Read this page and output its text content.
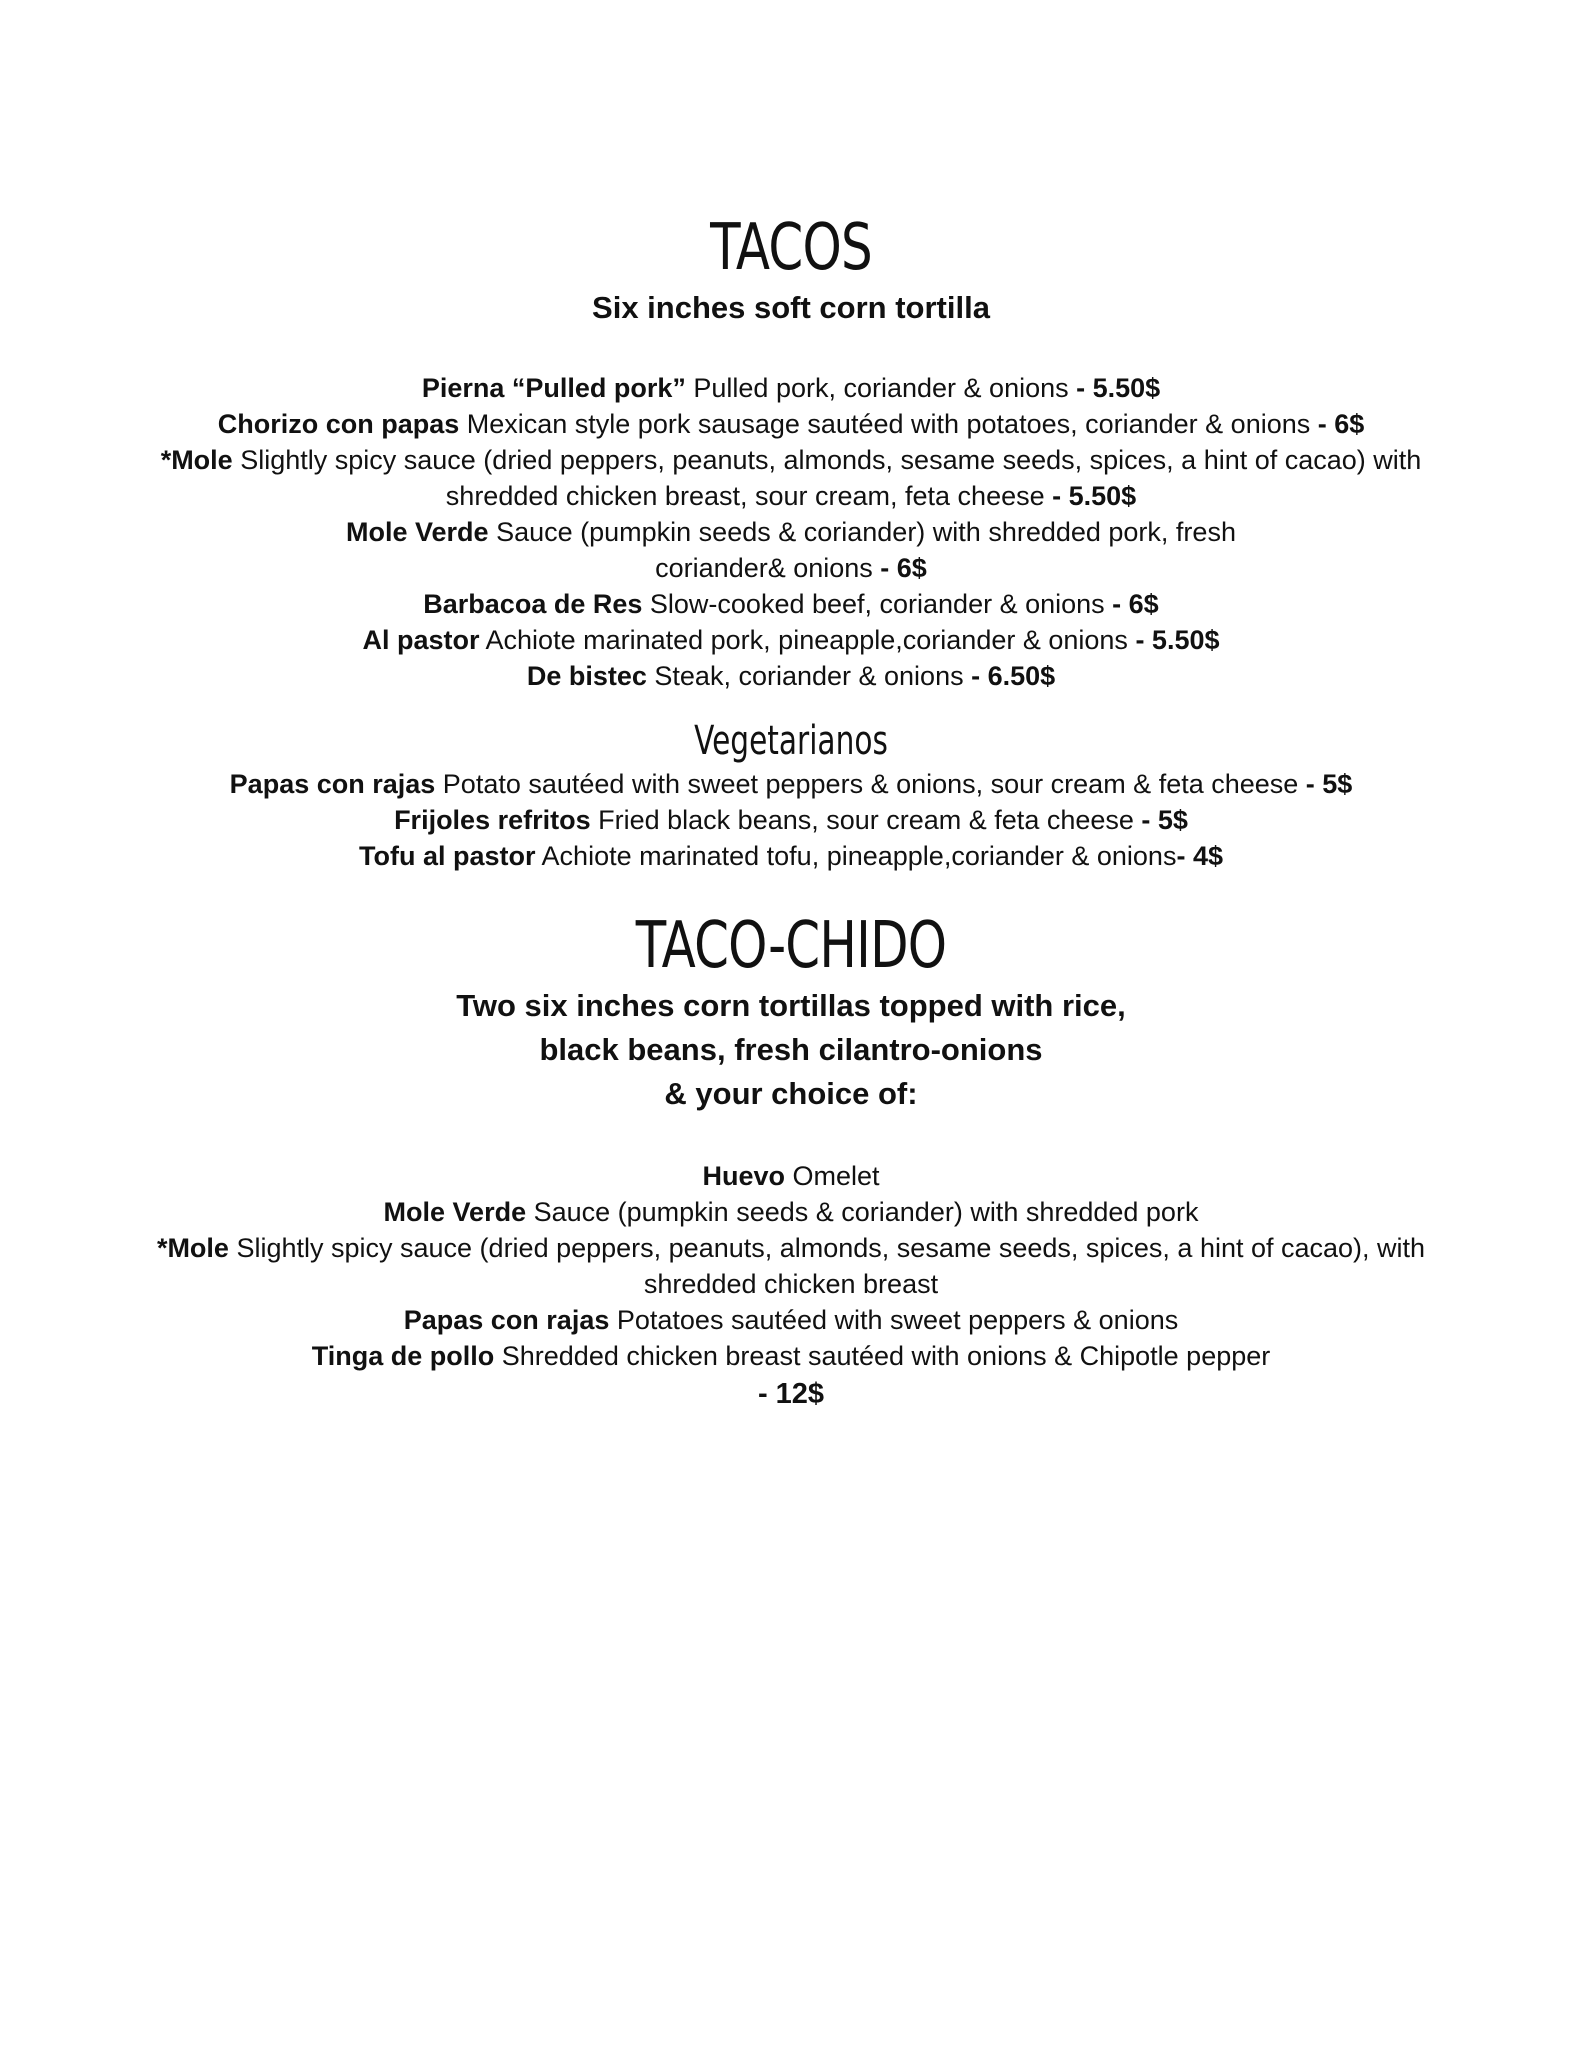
TACOS

Six inches soft corn tortilla

Pierna “Pulled pork” Pulled pork, coriander & onions - 5.50$
Chorizo con papas Mexican style pork sausage sautéed with potatoes, coriander & onions - 6$
*Mole Slightly spicy sauce (dried peppers, peanuts, almonds, sesame seeds, spices, a hint of cacao) with shredded chicken breast, sour cream, feta cheese - 5.50$
Mole Verde Sauce (pumpkin seeds & coriander) with shredded pork, fresh coriander& onions - 6$
Barbacoa de Res Slow-cooked beef, coriander & onions - 6$
Al pastor Achiote marinated pork, pineapple,coriander & onions - 5.50$
De bistec Steak, coriander & onions - 6.50$
Vegetarianos
Papas con rajas Potato sautéed with sweet peppers & onions, sour cream & feta cheese - 5$
Frijoles refritos Fried black beans, sour cream & feta cheese - 5$
Tofu al pastor Achiote marinated tofu, pineapple,coriander & onions- 4$
TACO-CHIDO

Two six inches corn tortillas topped with rice,

black beans, fresh cilantro-onions

& your choice of:

Huevo Omelet
Mole Verde Sauce (pumpkin seeds & coriander) with shredded pork
*Mole Slightly spicy sauce (dried peppers, peanuts, almonds, sesame seeds, spices, a hint of cacao), with shredded chicken breast
Papas con rajas Potatoes sautéed with sweet peppers & onions
Tinga de pollo Shredded chicken breast sautéed with onions & Chipotle pepper
- 12$
